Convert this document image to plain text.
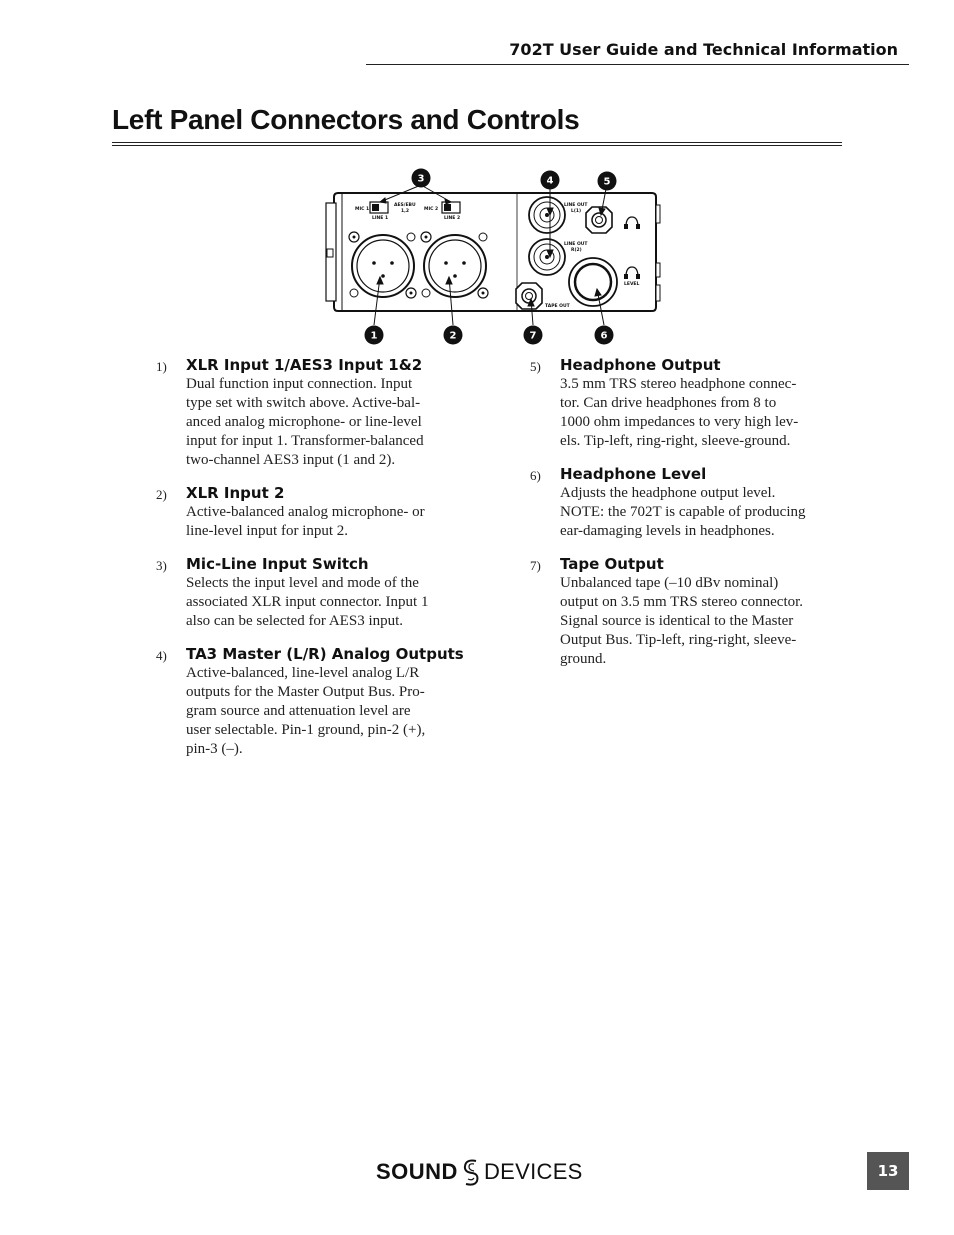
702T User Guide and Technical Information
Left Panel Connectors and Controls
MIC 1
LINE 1
AES/EBU
1,2	MIC 2
LINE 2
LINE OUT
L(1)
LINE OUT
R(2)
LEVEL
TAPE OUT
3	4	5
1	2	7	6
1) XLR Input 1/AES3 Input 1&2

Dual function input connection. Input
type set with switch above. Active-bal-
anced analog microphone- or line-level
input for input 1. Transformer-balanced
two-channel AES3 input (1 and 2).

2) XLR Input 2

Active-balanced analog microphone- or
line-level input for input 2.

3) Mic-Line Input Switch

Selects the input level and mode of the
associated XLR input connector. Input 1
also can be selected for AES3 input.

4) TA3 Master (L/R) Analog Outputs

Active-balanced, line-level analog L/R
outputs for the Master Output Bus. Pro-
gram source and attenuation level are
user selectable. Pin-1 ground, pin-2 (+),
pin-3 (–).

5) Headphone Output

3.5 mm TRS stereo headphone connec-
tor. Can drive headphones from 8 to
1000 ohm impedances to very high lev-
els. Tip-left, ring-right, sleeve-ground.

6) Headphone Level

Adjusts the headphone output level.
NOTE: the 702T is capable of producing
ear-damaging levels in headphones.

7) Tape Output

Unbalanced tape (–10 dBv nominal)
output on 3.5 mm TRS stereo connector.
Signal source is identical to the Master
Output Bus. Tip-left, ring-right, sleeve-
ground.

SOUND DEVICES	13
